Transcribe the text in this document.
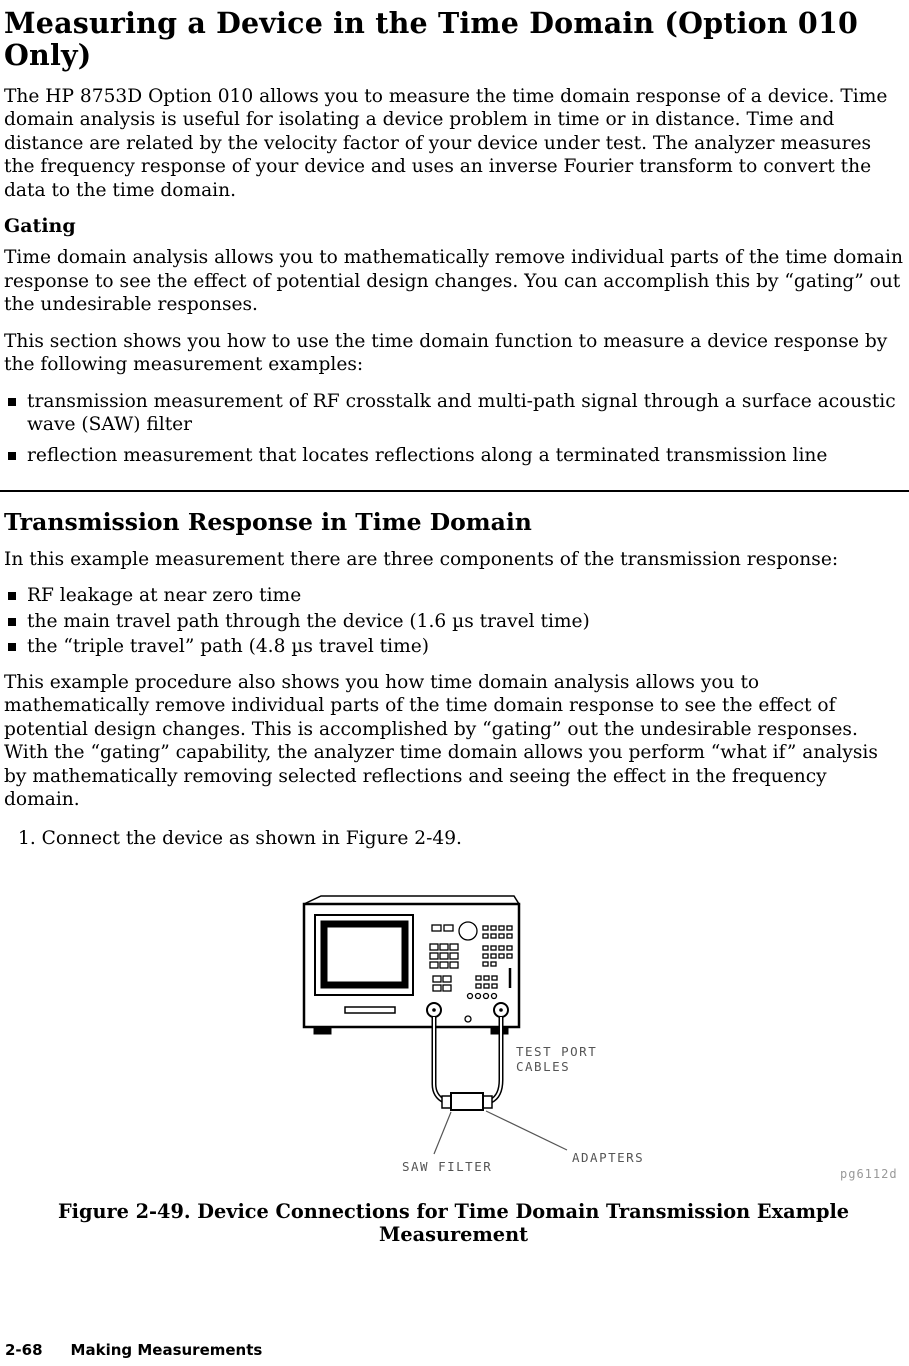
Measuring a Device in the Time Domain (Option 010 Only)

The HP 8753D Option 010 allows you to measure the time domain response of a device. Time domain analysis is useful for isolating a device problem in time or in distance. Time and distance are related by the velocity factor of your device under test. The analyzer measures the frequency response of your device and uses an inverse Fourier transform to convert the data to the time domain.

Gating

Time domain analysis allows you to mathematically remove individual parts of the time domain response to see the effect of potential design changes. You can accomplish this by “gating” out the undesirable responses.

This section shows you how to use the time domain function to measure a device response by the following measurement examples:

transmission measurement of RF crosstalk and multi-path signal through a surface acoustic wave (SAW) filter
reflection measurement that locates reflections along a terminated transmission line
Transmission Response in Time Domain

In this example measurement there are three components of the transmission response:

RF leakage at near zero time
the main travel path through the device (1.6 µs travel time)
the “triple travel” path (4.8 µs travel time)

This example procedure also shows you how time domain analysis allows you to mathematically remove individual parts of the time domain response to see the effect of potential design changes. This is accomplished by “gating” out the undesirable responses. With the “gating” capability, the analyzer time domain allows you perform “what if” analysis by mathematically removing selected reflections and seeing the effect in the frequency domain.

1. Connect the device as shown in Figure 2-49.

TEST PORT
CABLES
ADAPTERS
SAW FILTER	pg6112d
Figure 2-49. Device Connections for Time Domain Transmission Example Measurement
2-68 Making Measurements
